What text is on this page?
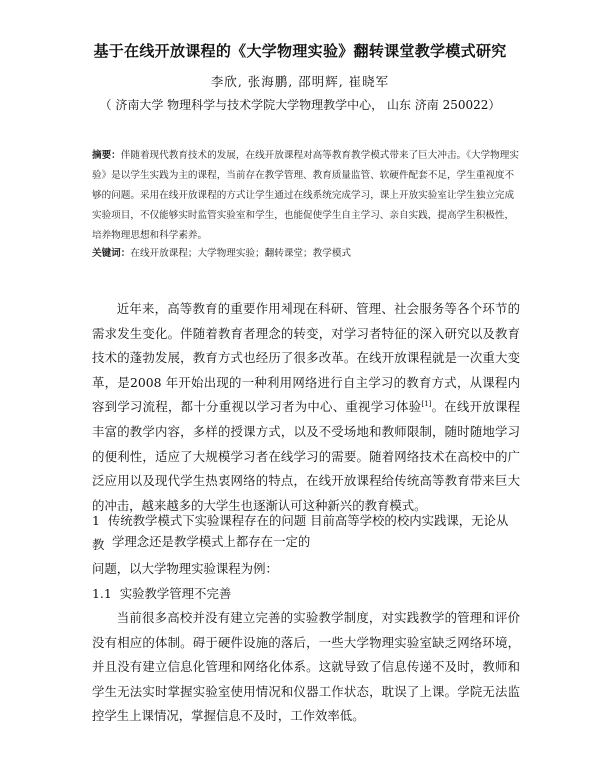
基于在线开放课程的《大学物理实验》翻转课堂教学模式研究
李欣, 张海鹏, 邵明辉, 崔晓军
（ 济南大学 物理科学与技术学院大学物理教学中心， 山东 济南 250022）
摘要：伴随着现代教育技术的发展，在线开放课程对高等教育教学模式带来了巨大冲击。《大学物理实验》是以学生实践为主的课程，当前存在教学管理、教育质量监管、软硬件配套不足，学生重视度不够的问题。采用在线开放课程的方式让学生通过在线系统完成学习，课上开放实验室让学生独立完成实验项目，不仅能够实时监管实验室和学生，也能促使学生自主学习、亲自实践，提高学生积极性，培养物理思想和科学素养。
关键词：在线开放课程；大学物理实验；翻转课堂；教学模式
近年来，高等教育的重要作用체现在科研、管理、社会服务等各个环节的需求发生变化。伴随着教育者理念的转变，对学习者特征的深入研究以及教育技术的蓬勃发展，教育方式也经历了很多改革。在线开放课程就是一次重大变革，是2008 年开始出现的一种利用网络进行自主学习的教育方式，从课程内容到学习流程，都十分重视以学习者为中心、重视学习体验[1]。在线开放课程丰富的教学内容，多样的授课方式，以及不受场地和教师限制，随时随地学习的便利性，适应了大规模学习者在线学习的需要。随着网络技术在高校中的广泛应用以及现代学生热衷网络的特点，在线开放课程给传统高等教育带来巨大的冲击，越来越多的大学生也逐渐认可这种新兴的教育模式。
1 传统教学模式下实验课程存在的问题 目前高等学校的校内实践课，无论从教 学理念还是教学模式上都存在一定的
问题，以大学物理实验课程为例：
1.1 实验教学管理不完善
当前很多高校并没有建立完善的实验教学制度，对实践教学的管理和评价没有相应的体制。碍于硬件设施的落后，一些大学物理实验室缺乏网络环境，并且没有建立信息化管理和网络化体系。这就导致了信息传递不及时，教师和学生无法实时掌握实验室使用情况和仪器工作状态，耽误了上课。学院无法监控学生上课情况，掌握信息不及时，工作效率低。
